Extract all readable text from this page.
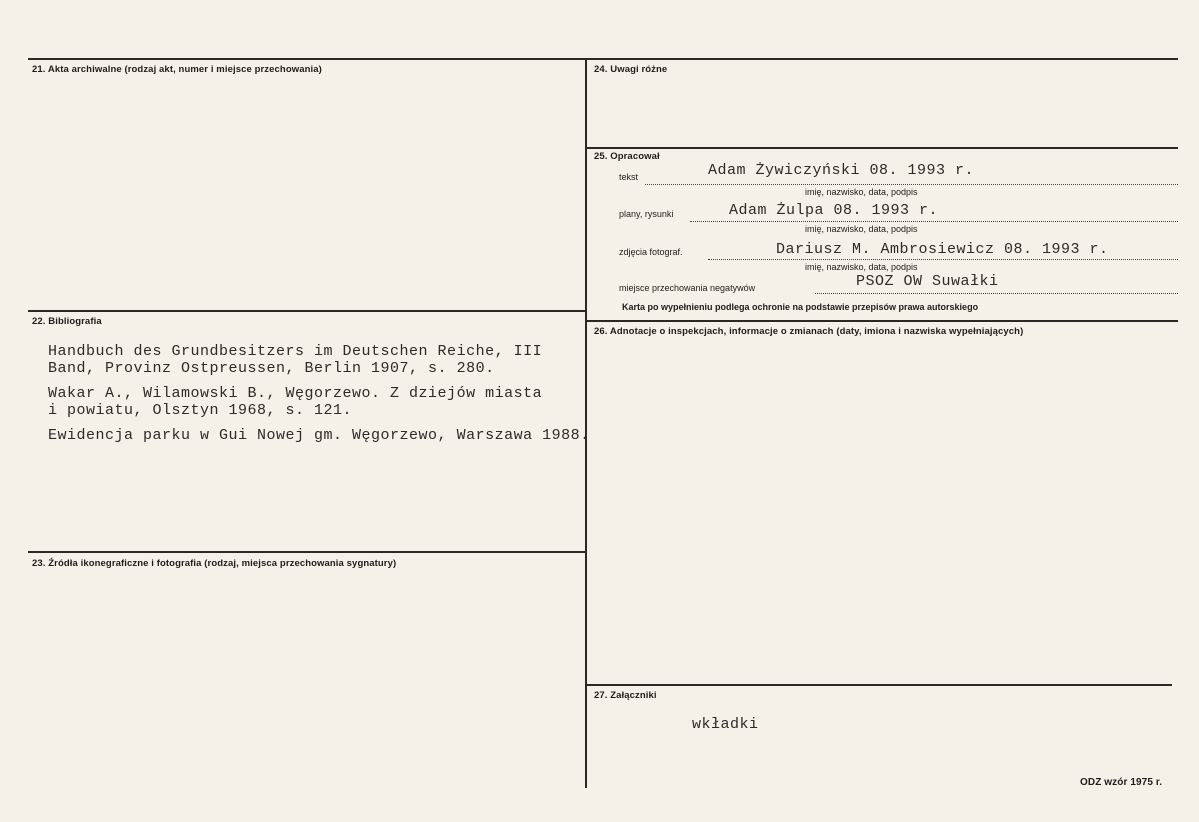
21. Akta archiwalne (rodzaj akt, numer i miejsce przechowania)
22. Bibliografia
Handbuch des Grundbesitzers im Deutschen Reiche, III
Band, Provinz Ostpreussen, Berlin 1907, s. 280.
Wakar A., Wilamowski B., Węgorzewo. Z dziejów miasta
i powiatu, Olsztyn 1968, s. 121.
Ewidencja parku w Gui Nowej gm. Węgorzewo, Warszawa 1988.
23. Źródła ikonegraficzne i fotografia (rodzaj, miejsca przechowania sygnatury)
24. Uwagi różne
25. Opracował
tekst	Adam Żywiczyński 08. 1993 r.
imię, nazwisko, data, podpis
plany, rysunki	Adam Żulpa 08. 1993 r.
imię, nazwisko, data, podpis
zdjęcia fotograf.	Dariusz M. Ambrosiewicz 08. 1993 r.
imię, nazwisko, data, podpis
miejsce przechowania negatywów	PSOZ OW Suwałki
Karta po wypełnieniu podlega ochronie na podstawie przepisów prawa autorskiego
26. Adnotacje o inspekcjach, informacje o zmianach (daty, imiona i nazwiska wypełniających)
27. Załączniki
wkładki
ODZ wzór 1975 r.
